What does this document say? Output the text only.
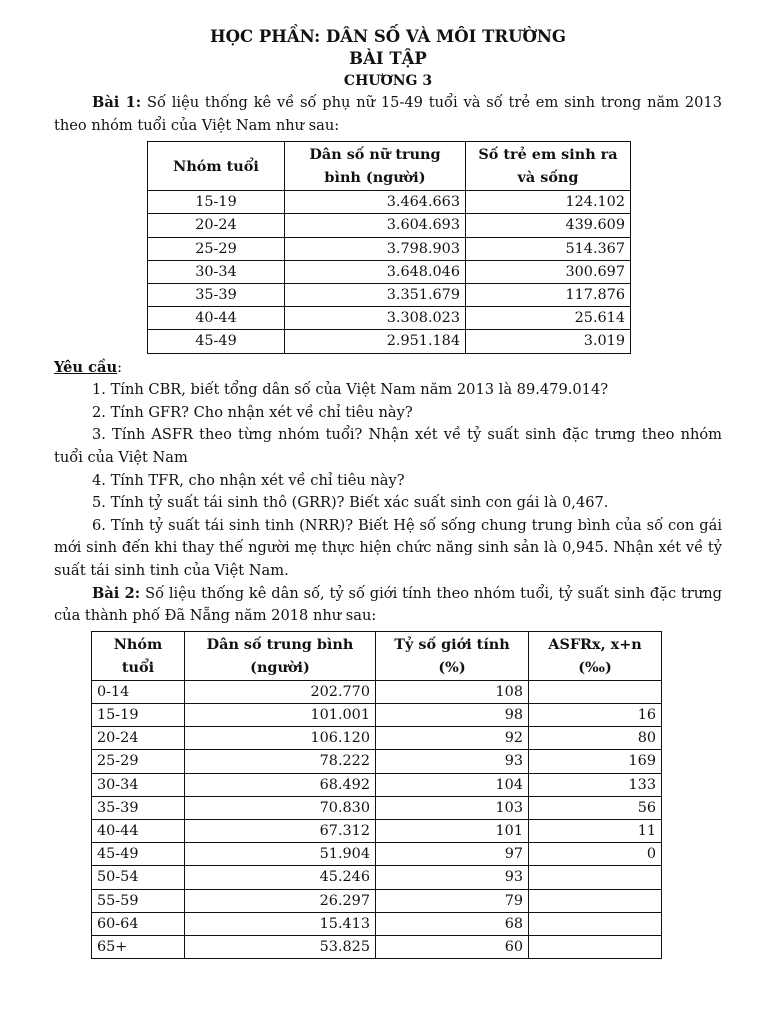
HỌC PHẦN: DÂN SỐ VÀ MÔI TRƯỜNG
BÀI TẬP
CHƯƠNG 3

Bài 1: Số liệu thống kê về số phụ nữ 15-49 tuổi và số trẻ em sinh trong năm 2013 theo nhóm tuổi của Việt Nam như sau:

Nhóm tuổi	Dân số nữ trung bình (người)	Số trẻ em sinh ra và sống
15-19	3.464.663	124.102
20-24	3.604.693	439.609
25-29	3.798.903	514.367
30-34	3.648.046	300.697
35-39	3.351.679	117.876
40-44	3.308.023	25.614
45-49	2.951.184	3.019

Yêu cầu:

1. Tính CBR, biết tổng dân số của Việt Nam năm 2013 là 89.479.014?

2. Tính GFR? Cho nhận xét về chỉ tiêu này?

3. Tính ASFR theo từng nhóm tuổi? Nhận xét về tỷ suất sinh đặc trưng theo nhóm tuổi của Việt Nam

4. Tính TFR, cho nhận xét về chỉ tiêu này?

5. Tính tỷ suất tái sinh thô (GRR)? Biết xác suất sinh con gái là 0,467.

6. Tính tỷ suất tái sinh tinh (NRR)? Biết Hệ số sống chung trung bình của số con gái mới sinh đến khi thay thế người mẹ thực hiện chức năng sinh sản là 0,945. Nhận xét về tỷ suất tái sinh tinh của Việt Nam.

Bài 2: Số liệu thống kê dân số, tỷ số giới tính theo nhóm tuổi, tỷ suất sinh đặc trưng của thành phố Đã Nẵng năm 2018 như sau:

Nhóm tuổi	Dân số trung bình (người)	Tỷ số giới tính (%)	ASFRx, x+n (‰)
0-14	202.770	108	
15-19	101.001	98	16
20-24	106.120	92	80
25-29	78.222	93	169
30-34	68.492	104	133
35-39	70.830	103	56
40-44	67.312	101	11
45-49	51.904	97	0
50-54	45.246	93	
55-59	26.297	79	
60-64	15.413	68	
65+	53.825	60	
